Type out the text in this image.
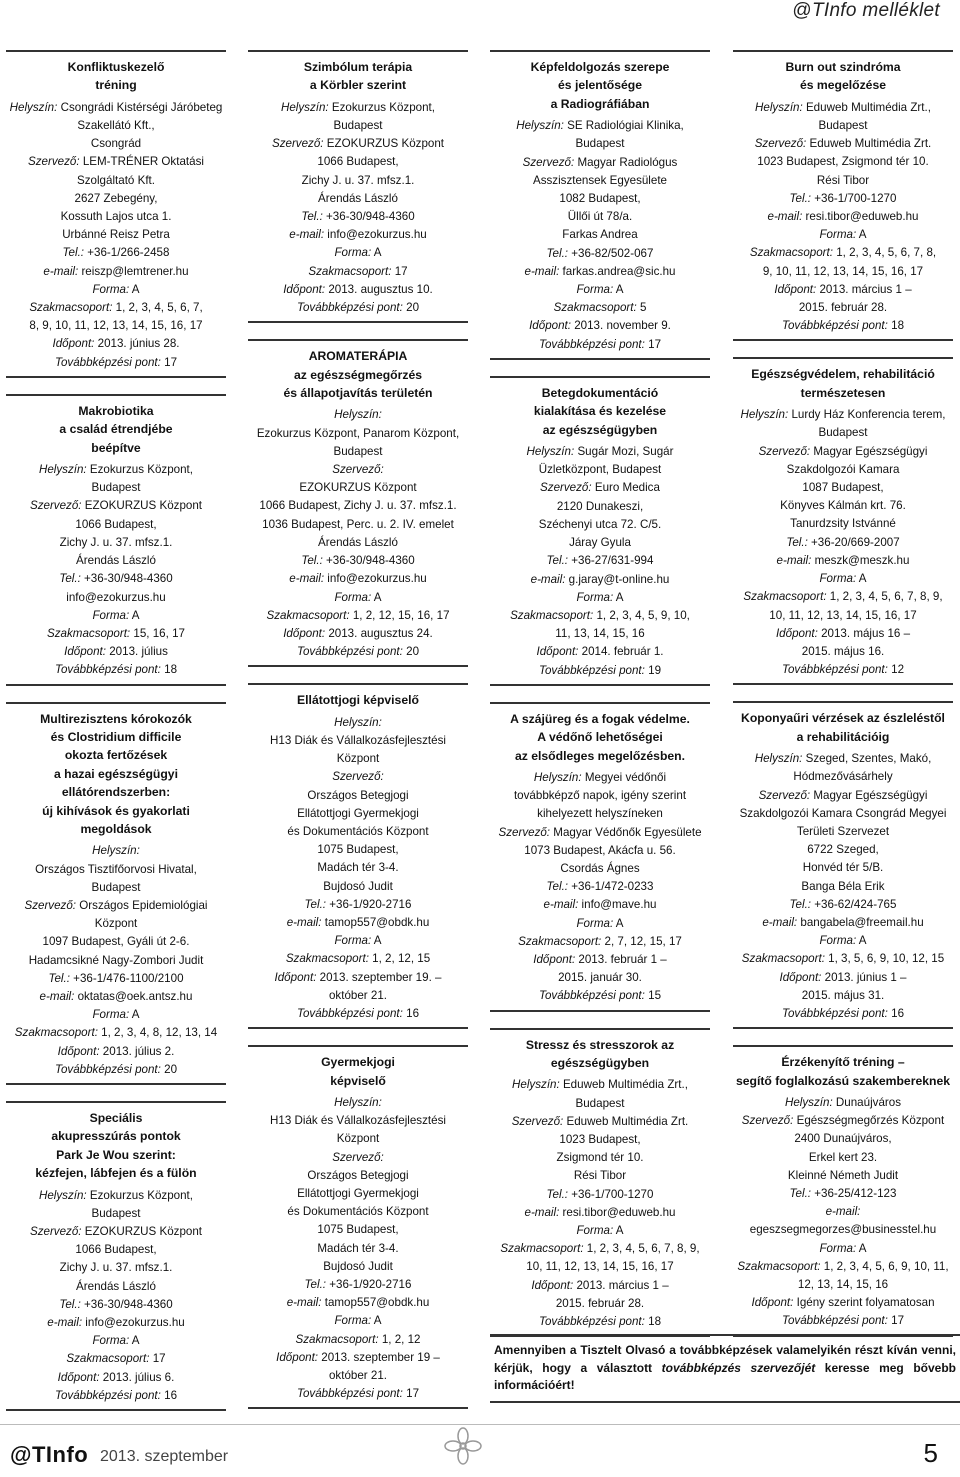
@TInfo melléklet
Konfliktuskezelő
tréning
Helyszín: Csongrádi Kistérségi Járóbeteg
Szakellátó Kft.,
Csongrád
Szervező: LEM-TRÉNER Oktatási
Szolgáltató Kft.
2627 Zebegény,
Kossuth Lajos utca 1.
Urbánné Reisz Petra
Tel.: +36-1/266-2458
e-mail: reiszp@lemtrener.hu
Forma: A
Szakmacsoport: 1, 2, 3, 4, 5, 6, 7,
8, 9, 10, 11, 12, 13, 14, 15, 16, 17
Időpont: 2013. június 28.
Továbbképzési pont: 17
Makrobiotika
a család étrendjébe
beépítve
Helyszín: Ezokurzus Központ,
Budapest
Szervező: EZOKURZUS Központ
1066 Budapest,
Zichy J. u. 37. mfsz.1.
Árendás László
Tel.: +36-30/948-4360
info@ezokurzus.hu
Forma: A
Szakmacsoport: 15, 16, 17
Időpont: 2013. július
Továbbképzési pont: 18
Multirezisztens kórokozók
és Clostridium difficile
okozta fertőzések
a hazai egészségügyi
ellátórendszerben:
új kihívások és gyakorlati
megoldások
Helyszín:
Országos Tisztifőorvosi Hivatal,
Budapest
Szervező: Országos Epidemiológiai
Központ
1097 Budapest, Gyáli út 2-6.
Hadamcsikné Nagy-Zombori Judit
Tel.: +36-1/476-1100/2100
e-mail: oktatas@oek.antsz.hu
Forma: A
Szakmacsoport: 1, 2, 3, 4, 8, 12, 13, 14
Időpont: 2013. július 2.
Továbbképzési pont: 20
Speciális
akupresszúrás pontok
Park Je Wou szerint:
kézfejen, lábfejen és a fülön
Helyszín: Ezokurzus Központ,
Budapest
Szervező: EZOKURZUS Központ
1066 Budapest,
Zichy J. u. 37. mfsz.1.
Árendás László
Tel.: +36-30/948-4360
e-mail: info@ezokurzus.hu
Forma: A
Szakmacsoport: 17
Időpont: 2013. július 6.
Továbbképzési pont: 16
Szimbólum terápia
a Körbler szerint
Helyszín: Ezokurzus Központ,
Budapest
Szervező: EZOKURZUS Központ
1066 Budapest,
Zichy J. u. 37. mfsz.1.
Árendás László
Tel.: +36-30/948-4360
e-mail: info@ezokurzus.hu
Forma: A
Szakmacsoport: 17
Időpont: 2013. augusztus 10.
Továbbképzési pont: 20
AROMATERÁPIA
az egészségmegőrzés
és állapotjavítás területén
Helyszín:
Ezokurzus Központ, Panarom Központ,
Budapest
Szervező:
EZOKURZUS Központ
1066 Budapest, Zichy J. u. 37. mfsz.1.
1036 Budapest, Perc. u. 2. IV. emelet
Árendás László
Tel.: +36-30/948-4360
e-mail: info@ezokurzus.hu
Forma: A
Szakmacsoport: 1, 2, 12, 15, 16, 17
Időpont: 2013. augusztus 24.
Továbbképzési pont: 20
Ellátottjogi képviselő
Helyszín:
H13 Diák és Vállalkozásfejlesztési
Központ
Szervező:
Országos Betegjogi
Ellátottjogi Gyermekjogi
és Dokumentációs Központ
1075 Budapest,
Madách tér 3-4.
Bujdosó Judit
Tel.: +36-1/920-2716
e-mail: tamop557@obdk.hu
Forma: A
Szakmacsoport: 1, 2, 12, 15
Időpont: 2013. szeptember 19. –
október 21.
Továbbképzési pont: 16
Gyermekjogi
képviselő
Helyszín:
H13 Diák és Vállalkozásfejlesztési
Központ
Szervező:
Országos Betegjogi
Ellátottjogi Gyermekjogi
és Dokumentációs Központ
1075 Budapest,
Madách tér 3-4.
Bujdosó Judit
Tel.: +36-1/920-2716
e-mail: tamop557@obdk.hu
Forma: A
Szakmacsoport: 1, 2, 12
Időpont: 2013. szeptember 19 –
október 21.
Továbbképzési pont: 17
Képfeldolgozás szerepe
és jelentősége
a Radiográfiában
Helyszín: SE Radiológiai Klinika,
Budapest
Szervező: Magyar Radiológus
Asszisztensek Egyesülete
1082 Budapest,
Üllői út 78/a.
Farkas Andrea
Tel.: +36-82/502-067
e-mail: farkas.andrea@sic.hu
Forma: A
Szakmacsoport: 5
Időpont: 2013. november 9.
Továbbképzési pont: 17
Betegdokumentáció
kialakítása és kezelése
az egészségügyben
Helyszín: Sugár Mozi, Sugár
Üzletközpont, Budapest
Szervező: Euro Medica
2120 Dunakeszi,
Széchenyi utca 72. C/5.
Járay Gyula
Tel.: +36-27/631-994
e-mail: g.jaray@t-online.hu
Forma: A
Szakmacsoport: 1, 2, 3, 4, 5, 9, 10,
11, 13, 14, 15, 16
Időpont: 2014. február 1.
Továbbképzési pont: 19
A szájüreg és a fogak védelme.
A védőnő lehetőségei
az elsődleges megelőzésben.
Helyszín: Megyei védőnői
továbbképző napok, igény szerint
kihelyezett helyszíneken
Szervező: Magyar Védőnők Egyesülete
1073 Budapest, Akácfa u. 56.
Csordás Ágnes
Tel.: +36-1/472-0233
e-mail: info@mave.hu
Forma: A
Szakmacsoport: 2, 7, 12, 15, 17
Időpont: 2013. február 1 –
2015. január 30.
Továbbképzési pont: 15
Stressz és stresszorok az
egészségügyben
Helyszín: Eduweb Multimédia Zrt.,
Budapest
Szervező: Eduweb Multimédia Zrt.
1023 Budapest,
Zsigmond tér 10.
Rési Tibor
Tel.: +36-1/700-1270
e-mail: resi.tibor@eduweb.hu
Forma: A
Szakmacsoport: 1, 2, 3, 4, 5, 6, 7, 8, 9,
10, 11, 12, 13, 14, 15, 16, 17
Időpont: 2013. március 1 –
2015. február 28.
Továbbképzési pont: 18
Burn out szindróma
és megelőzése
Helyszín: Eduweb Multimédia Zrt.,
Budapest
Szervező: Eduweb Multimédia Zrt.
1023 Budapest, Zsigmond tér 10.
Rési Tibor
Tel.: +36-1/700-1270
e-mail: resi.tibor@eduweb.hu
Forma: A
Szakmacsoport: 1, 2, 3, 4, 5, 6, 7, 8,
9, 10, 11, 12, 13, 14, 15, 16, 17
Időpont: 2013. március 1 –
2015. február 28.
Továbbképzési pont: 18
Egészségvédelem, rehabilitáció
természetesen
Helyszín: Lurdy Ház Konferencia terem,
Budapest
Szervező: Magyar Egészségügyi
Szakdolgozói Kamara
1087 Budapest,
Könyves Kálmán krt. 76.
Tanurdzsity Istvánné
Tel.: +36-20/669-2007
e-mail: meszk@meszk.hu
Forma: A
Szakmacsoport: 1, 2, 3, 4, 5, 6, 7, 8, 9,
10, 11, 12, 13, 14, 15, 16, 17
Időpont: 2013. május 16 –
2015. május 16.
Továbbképzési pont: 12
Koponyaűri vérzések az észleléstől
a rehabilitációig
Helyszín: Szeged, Szentes, Makó,
Hódmezővásárhely
Szervező: Magyar Egészségügyi
Szakdolgozói Kamara Csongrád Megyei
Területi Szervezet
6722 Szeged,
Honvéd tér 5/B.
Banga Béla Erik
Tel.: +36-62/424-765
e-mail: bangabela@freemail.hu
Forma: A
Szakmacsoport: 1, 3, 5, 6, 9, 10, 12, 15
Időpont: 2013. június 1 –
2015. május 31.
Továbbképzési pont: 16
Érzékenyítő tréning –
segítő foglalkozású szakembereknek
Helyszín: Dunaújváros
Szervező: Egészségmegőrzés Központ
2400 Dunaújváros,
Erkel kert 23.
Kleinné Németh Judit
Tel.: +36-25/412-123
e-mail:
egeszsegmegorzes@businesstel.hu
Forma: A
Szakmacsoport: 1, 2, 3, 4, 5, 6, 9, 10, 11,
12, 13, 14, 15, 16
Időpont: Igény szerint folyamatosan
Továbbképzési pont: 17
Amennyiben a Tisztelt Olvasó a továbbképzések valamelyikén részt kíván venni, kérjük, hogy a választott továbbképzés szervezőjét keresse meg bővebb információért!
@TInfo 2013. szeptember	5
